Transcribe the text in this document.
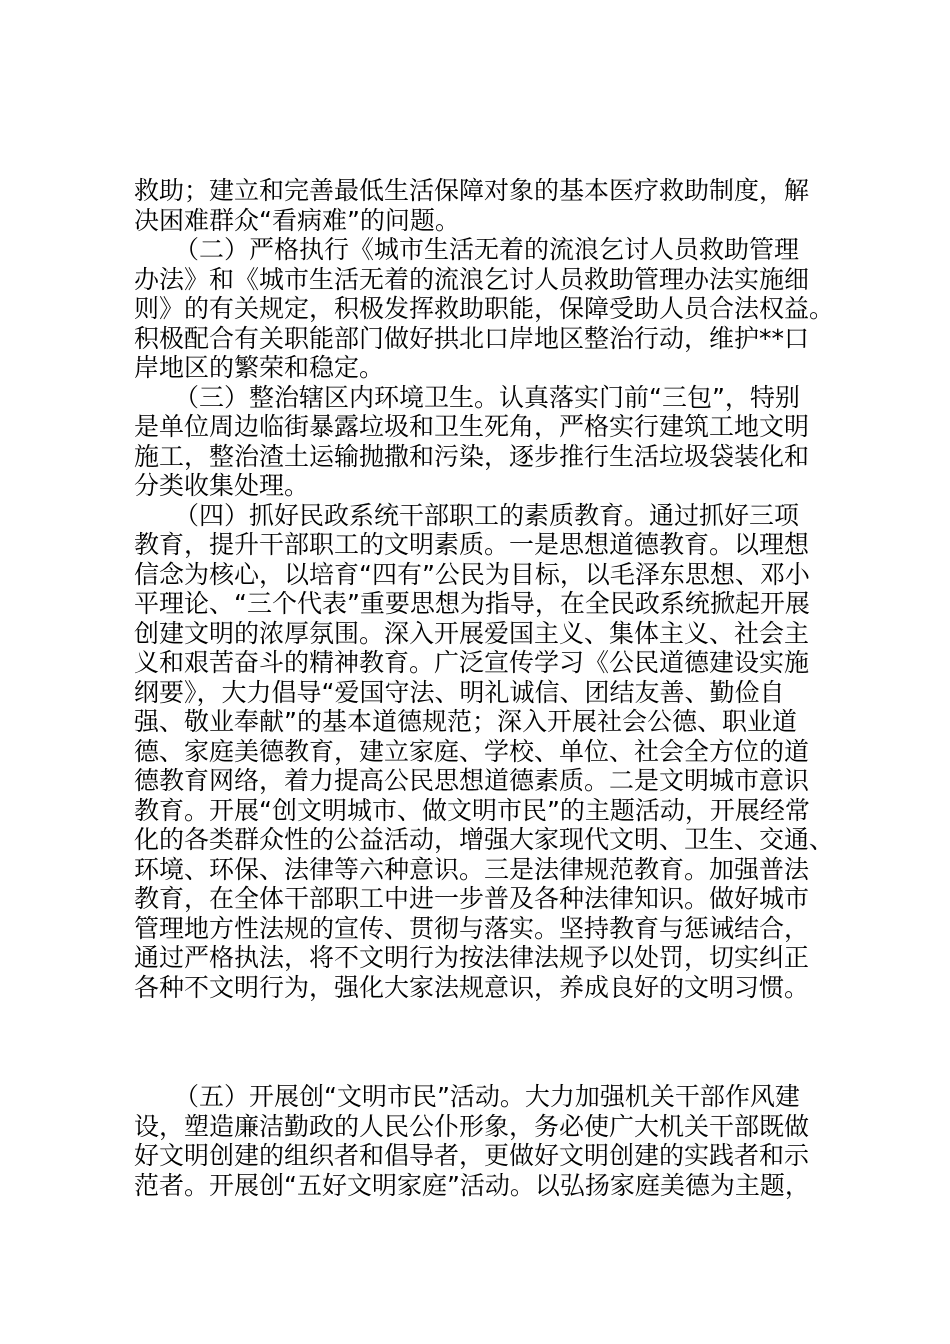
救助；建立和完善最低生活保障对象的基本医疗救助制度，解
决困难群众“看病难”的问题。
（二）严格执行《城市生活无着的流浪乞讨人员救助管理
办法》和《城市生活无着的流浪乞讨人员救助管理办法实施细
则》的有关规定，积极发挥救助职能，保障受助人员合法权益。
积极配合有关职能部门做好拱北口岸地区整治行动，维护**口
岸地区的繁荣和稳定。
（三）整治辖区内环境卫生。认真落实门前“三包”，特别
是单位周边临街暴露垃圾和卫生死角，严格实行建筑工地文明
施工，整治渣土运输抛撒和污染，逐步推行生活垃圾袋装化和
分类收集处理。
（四）抓好民政系统干部职工的素质教育。通过抓好三项
教育，提升干部职工的文明素质。一是思想道德教育。以理想
信念为核心，以培育“四有”公民为目标，以毛泽东思想、邓小
平理论、“三个代表”重要思想为指导，在全民政系统掀起开展
创建文明的浓厚氛围。深入开展爱国主义、集体主义、社会主
义和艰苦奋斗的精神教育。广泛宣传学习《公民道德建设实施
纲要》，大力倡导“爱国守法、明礼诚信、团结友善、勤俭自
强、敬业奉献”的基本道德规范；深入开展社会公德、职业道
德、家庭美德教育，建立家庭、学校、单位、社会全方位的道
德教育网络，着力提高公民思想道德素质。二是文明城市意识
教育。开展“创文明城市、做文明市民”的主题活动，开展经常
化的各类群众性的公益活动，增强大家现代文明、卫生、交通、
环境、环保、法律等六种意识。三是法律规范教育。加强普法
教育，在全体干部职工中进一步普及各种法律知识。做好城市
管理地方性法规的宣传、贯彻与落实。坚持教育与惩诫结合，
通过严格执法，将不文明行为按法律法规予以处罚，切实纠正
各种不文明行为，强化大家法规意识，养成良好的文明习惯。
（五）开展创“文明市民”活动。大力加强机关干部作风建
设，塑造廉洁勤政的人民公仆形象，务必使广大机关干部既做
好文明创建的组织者和倡导者，更做好文明创建的实践者和示
范者。开展创“五好文明家庭”活动。以弘扬家庭美德为主题，
